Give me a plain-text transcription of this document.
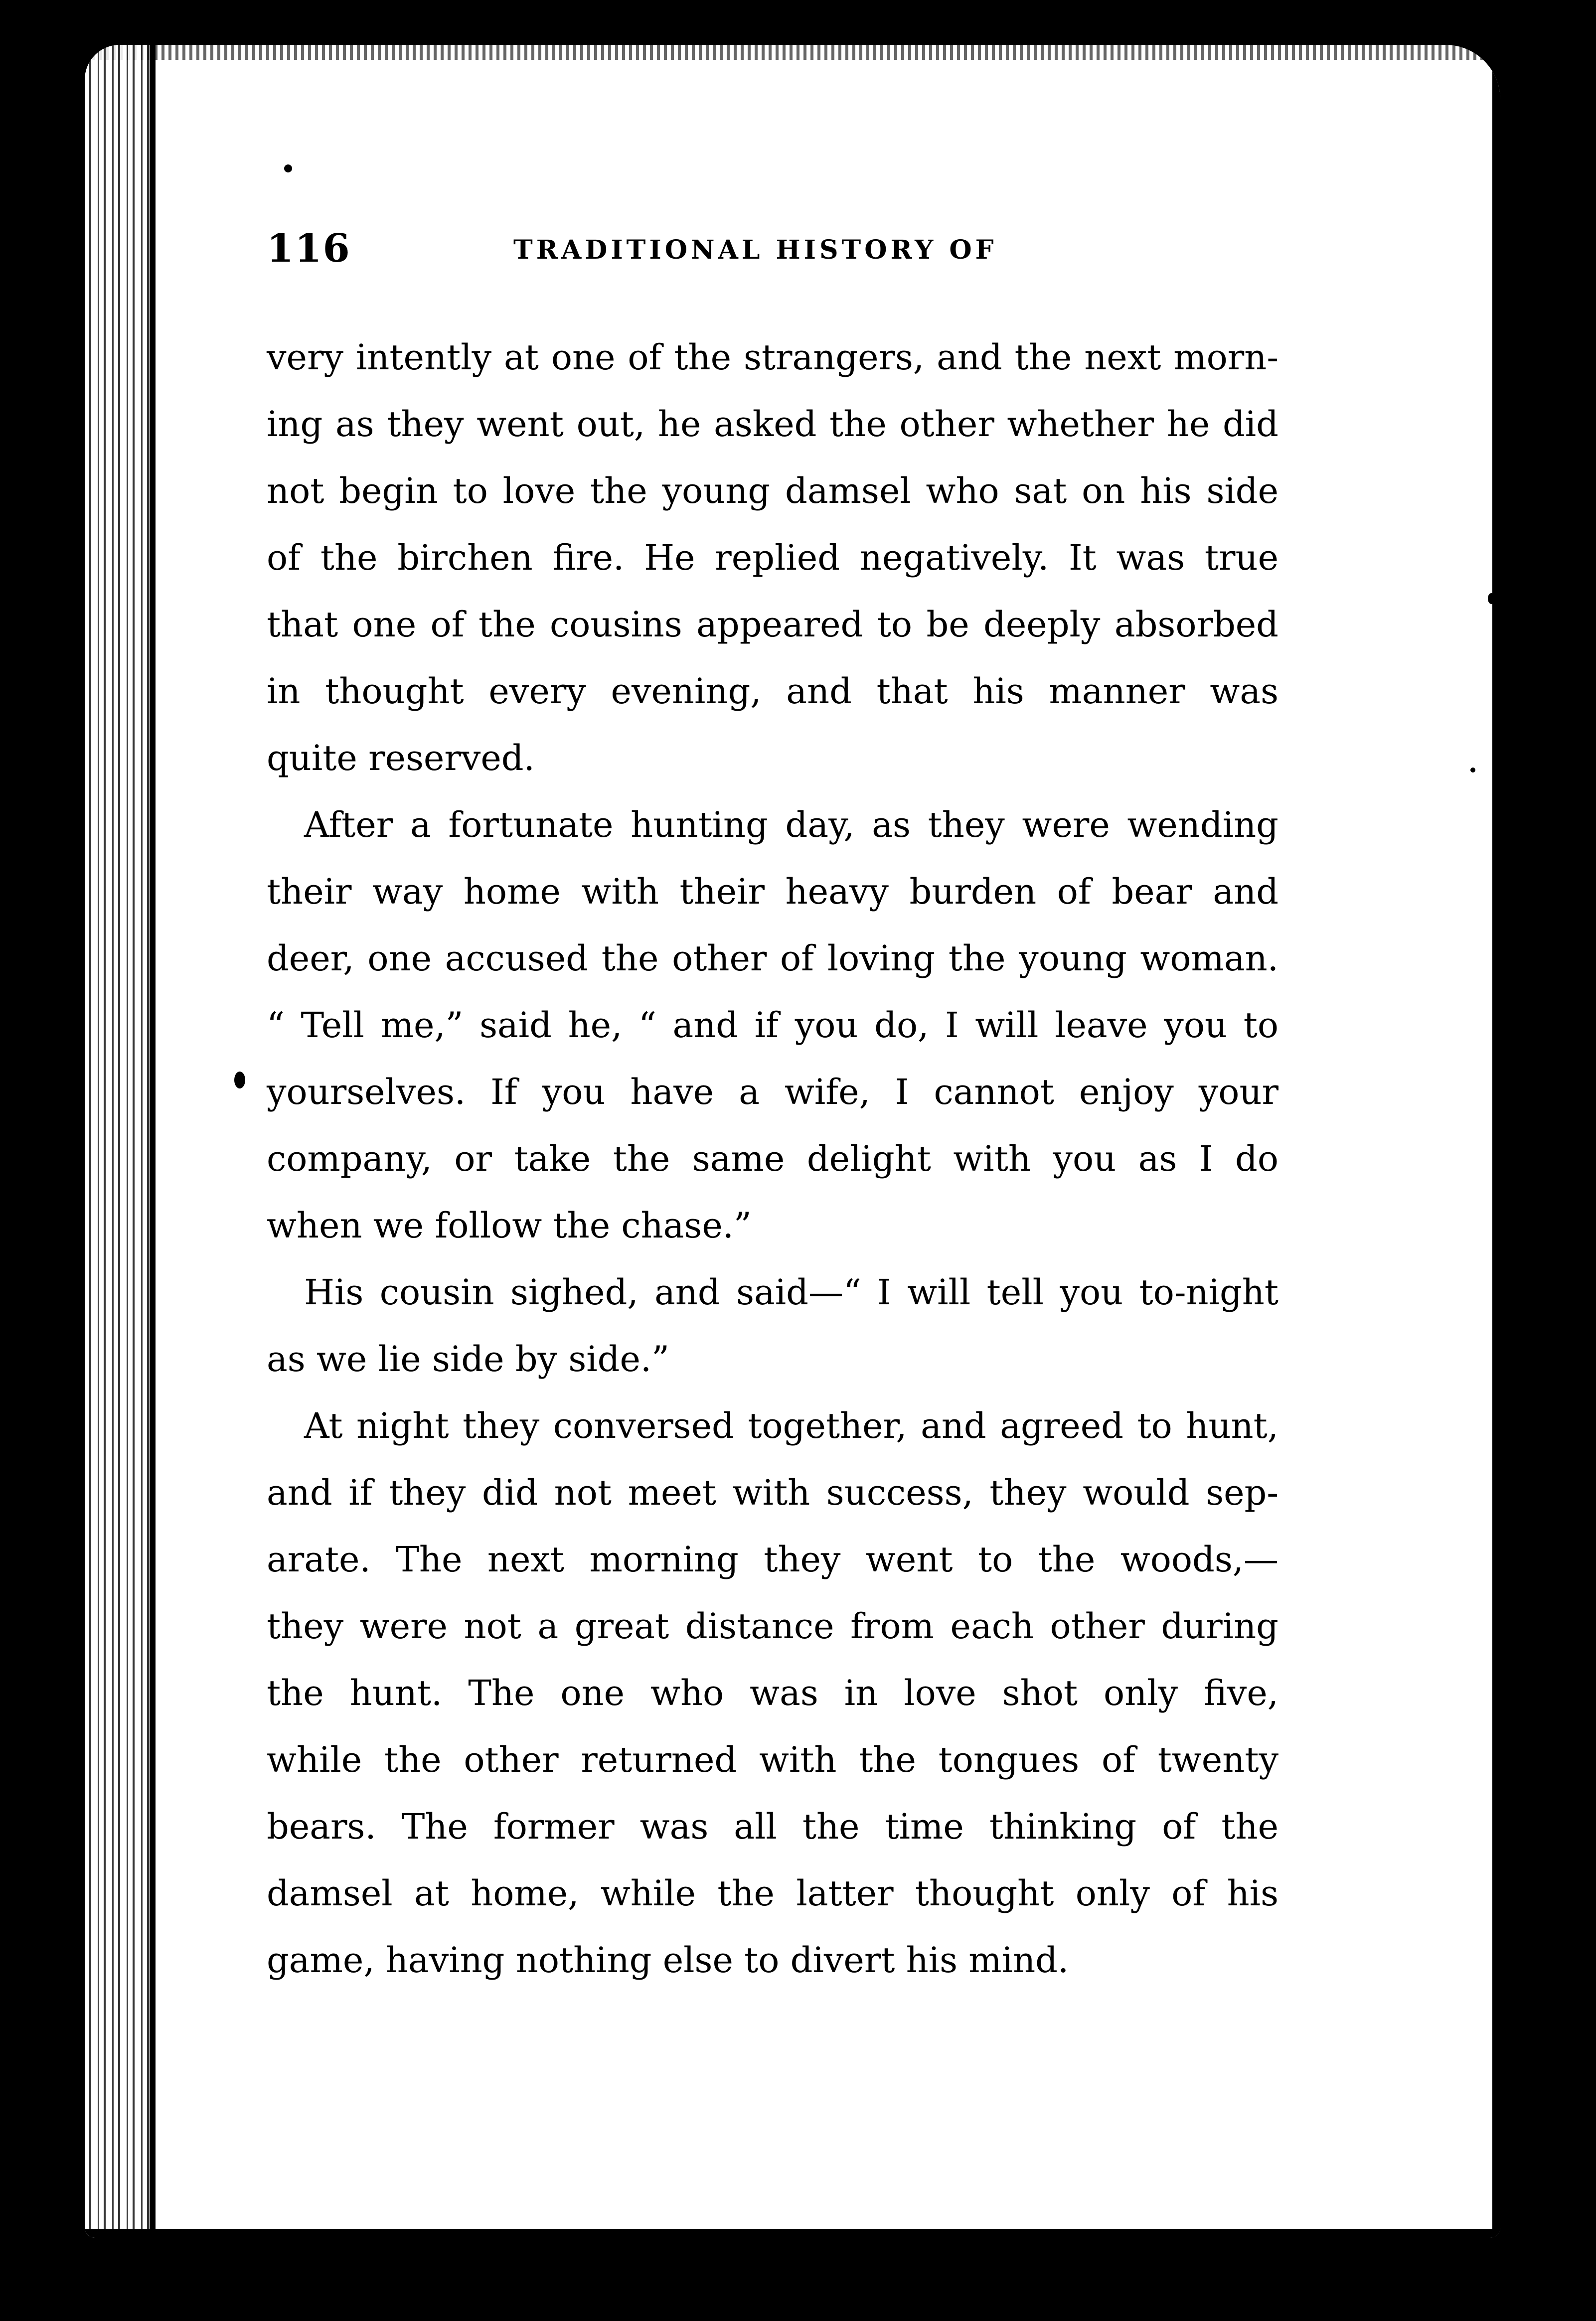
116	TRADITIONAL HISTORY OF
very intently at one of the strangers, and the next morn-
ing as they went out, he asked the other whether he did
not begin to love the young damsel who sat on his side
of the birchen fire. He replied negatively. It was true
that one of the cousins appeared to be deeply absorbed
in thought every evening, and that his manner was
quite reserved.
After a fortunate hunting day, as they were wending
their way home with their heavy burden of bear and
deer, one accused the other of loving the young woman.
“ Tell me,” said he, “ and if you do, I will leave you to
yourselves. If you have a wife, I cannot enjoy your
company, or take the same delight with you as I do
when we follow the chase.”
His cousin sighed, and said—“ I will tell you to-night
as we lie side by side.”
At night they conversed together, and agreed to hunt,
and if they did not meet with success, they would sep-
arate. The next morning they went to the woods,—
they were not a great distance from each other during
the hunt. The one who was in love shot only five,
while the other returned with the tongues of twenty
bears. The former was all the time thinking of the
damsel at home, while the latter thought only of his
game, having nothing else to divert his mind.
